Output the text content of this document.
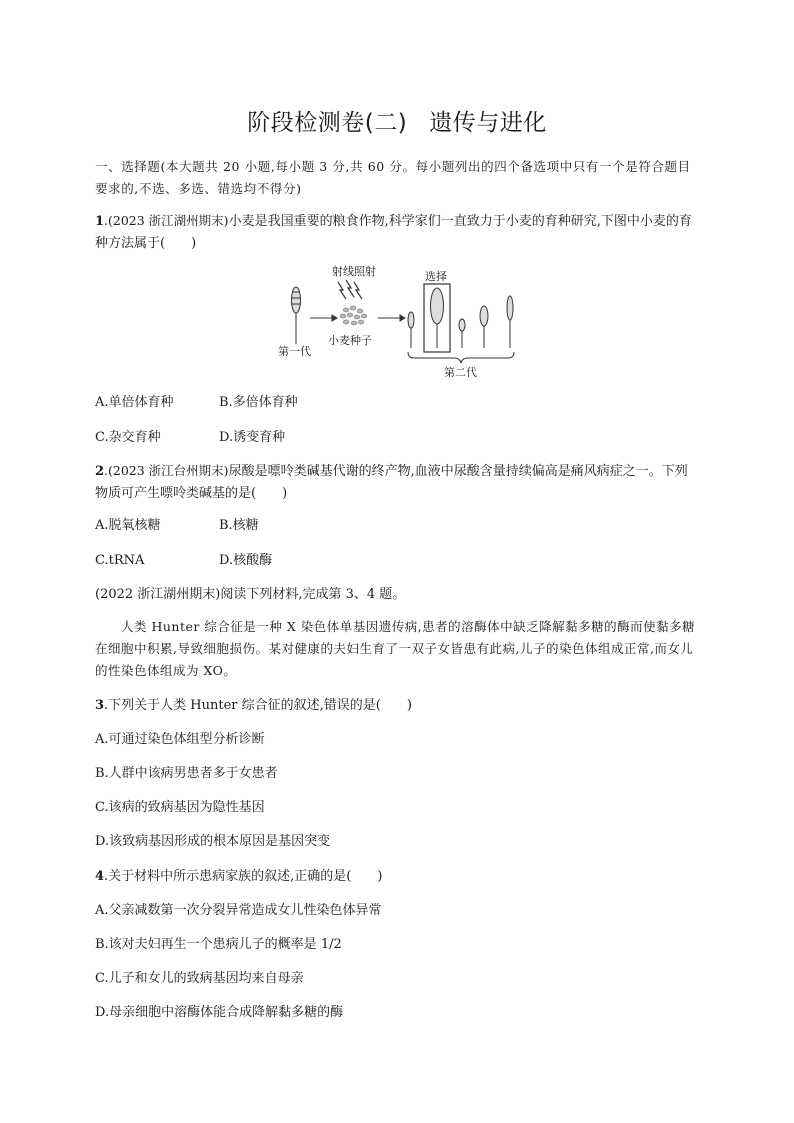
阶段检测卷(二) 遗传与进化
一、选择题(本大题共 20 小题,每小题 3 分,共 60 分。每小题列出的四个备选项中只有一个是符合题目要求的,不选、多选、错选均不得分)
1.(2023 浙江湖州期末)小麦是我国重要的粮食作物,科学家们一直致力于小麦的育种研究,下图中小麦的育种方法属于(　　)
第一代
射线照射
小麦种子
选择
第二代
A.单倍体育种	B.多倍体育种
C.杂交育种	D.诱变育种
2.(2023 浙江台州期末)尿酸是嘌呤类碱基代谢的终产物,血液中尿酸含量持续偏高是痛风病症之一。下列物质可产生嘌呤类碱基的是(　　)
A.脱氧核糖	B.核糖
C.tRNA	D.核酸酶
(2022 浙江湖州期末)阅读下列材料,完成第 3、4 题。
人类 Hunter 综合征是一种 X 染色体单基因遗传病,患者的溶酶体中缺乏降解黏多糖的酶而使黏多糖在细胞中积累,导致细胞损伤。某对健康的夫妇生育了一双子女皆患有此病,儿子的染色体组成正常,而女儿的性染色体组成为 XO。
3.下列关于人类 Hunter 综合征的叙述,错误的是(　　)
A.可通过染色体组型分析诊断
B.人群中该病男患者多于女患者
C.该病的致病基因为隐性基因
D.该致病基因形成的根本原因是基因突变
4.关于材料中所示患病家族的叙述,正确的是(　　)
A.父亲减数第一次分裂异常造成女儿性染色体异常
B.该对夫妇再生一个患病儿子的概率是 1/2
C.儿子和女儿的致病基因均来自母亲
D.母亲细胞中溶酶体能合成降解黏多糖的酶
